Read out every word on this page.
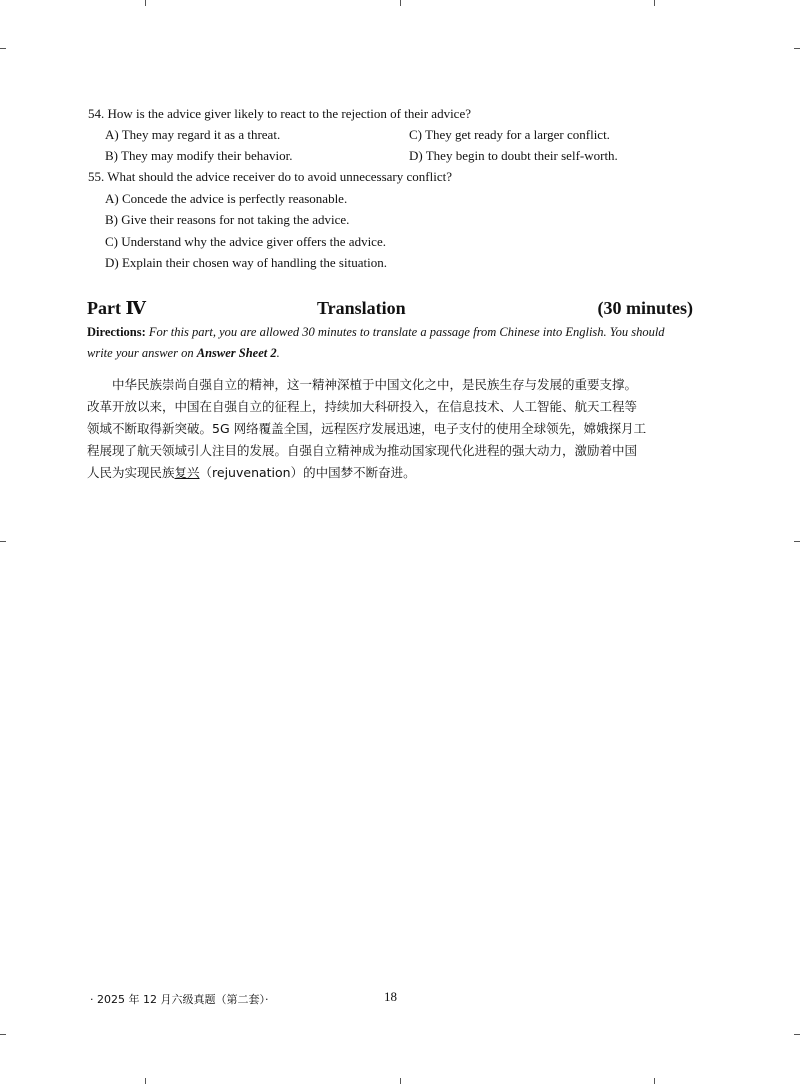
54. How is the advice giver likely to react to the rejection of their advice?
A) They may regard it as a threat.	C) They get ready for a larger conflict.
B) They may modify their behavior.	D) They begin to doubt their self-worth.
55. What should the advice receiver do to avoid unnecessary conflict?
A) Concede the advice is perfectly reasonable.
B) Give their reasons for not taking the advice.
C) Understand why the advice giver offers the advice.
D) Explain their chosen way of handling the situation.
Part Ⅳ	Translation	(30 minutes)
Directions: For this part, you are allowed 30 minutes to translate a passage from Chinese into English. You should write your answer on Answer Sheet 2.
中华民族崇尚自强自立的精神，这一精神深植于中国文化之中，是民族生存与发展的重要支撑。
改革开放以来，中国在自强自立的征程上，持续加大科研投入，在信息技术、人工智能、航天工程等
领域不断取得新突破。5G 网络覆盖全国，远程医疗发展迅速，电子支付的使用全球领先，嫦娥探月工
程展现了航天领域引人注目的发展。自强自立精神成为推动国家现代化进程的强大动力，激励着中国
人民为实现民族复兴（rejuvenation）的中国梦不断奋进。
· 2025 年 12 月六级真题（第二套）·	18
